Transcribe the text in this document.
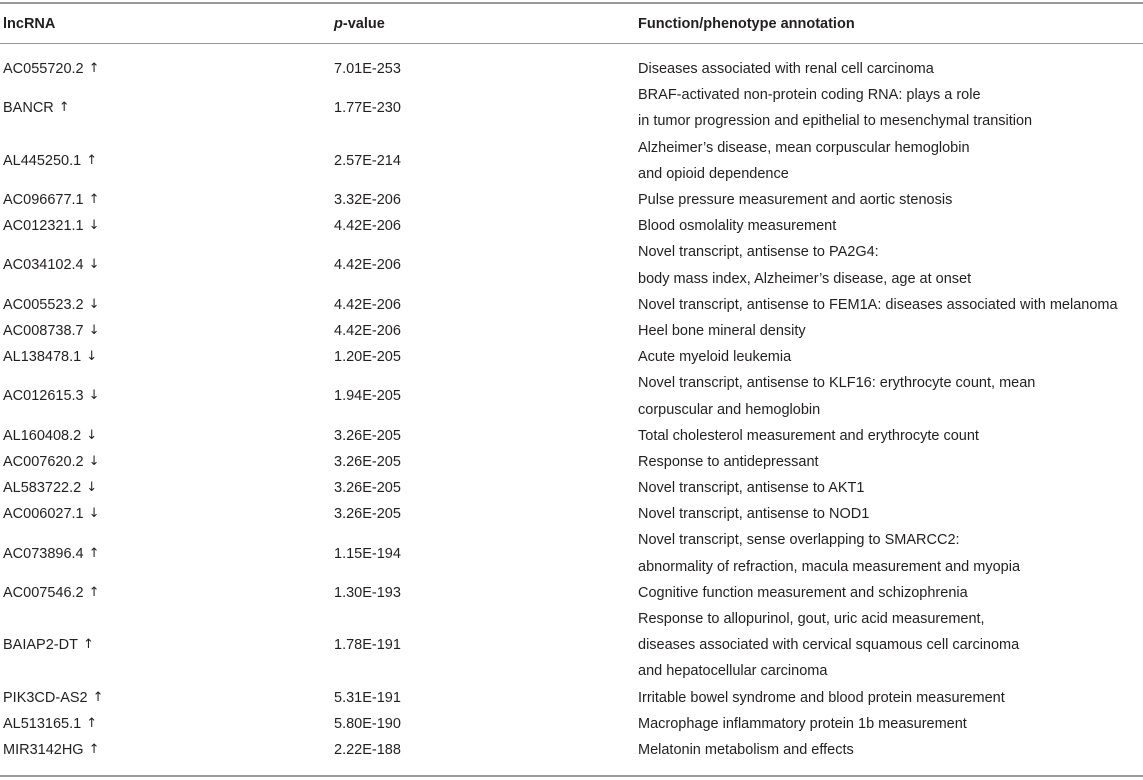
lncRNA	p-value	Function/phenotype annotation
AC055720.2 ↑	7.01E-253	Diseases associated with renal cell carcinoma
BANCR ↑	1.77E-230
BRAF-activated non-protein coding RNA: plays a role
in tumor progression and epithelial to mesenchymal transition
AL445250.1 ↑	2.57E-214
Alzheimer’s disease, mean corpuscular hemoglobin
and opioid dependence
AC096677.1 ↑	3.32E-206	Pulse pressure measurement and aortic stenosis
AC012321.1 ↓	4.42E-206	Blood osmolality measurement
AC034102.4 ↓	4.42E-206
Novel transcript, antisense to PA2G4:
body mass index, Alzheimer’s disease, age at onset
AC005523.2 ↓	4.42E-206	Novel transcript, antisense to FEM1A: diseases associated with melanoma
AC008738.7 ↓	4.42E-206	Heel bone mineral density
AL138478.1 ↓	1.20E-205	Acute myeloid leukemia
AC012615.3 ↓	1.94E-205
Novel transcript, antisense to KLF16: erythrocyte count, mean
corpuscular and hemoglobin
AL160408.2 ↓	3.26E-205	Total cholesterol measurement and erythrocyte count
AC007620.2 ↓	3.26E-205	Response to antidepressant
AL583722.2 ↓	3.26E-205	Novel transcript, antisense to AKT1
AC006027.1 ↓	3.26E-205	Novel transcript, antisense to NOD1
AC073896.4 ↑	1.15E-194
Novel transcript, sense overlapping to SMARCC2:
abnormality of refraction, macula measurement and myopia
AC007546.2 ↑	1.30E-193	Cognitive function measurement and schizophrenia
BAIAP2-DT ↑	1.78E-191
Response to allopurinol, gout, uric acid measurement,
diseases associated with cervical squamous cell carcinoma
and hepatocellular carcinoma
PIK3CD-AS2 ↑	5.31E-191	Irritable bowel syndrome and blood protein measurement
AL513165.1 ↑	5.80E-190	Macrophage inflammatory protein 1b measurement
MIR3142HG ↑	2.22E-188	Melatonin metabolism and effects
